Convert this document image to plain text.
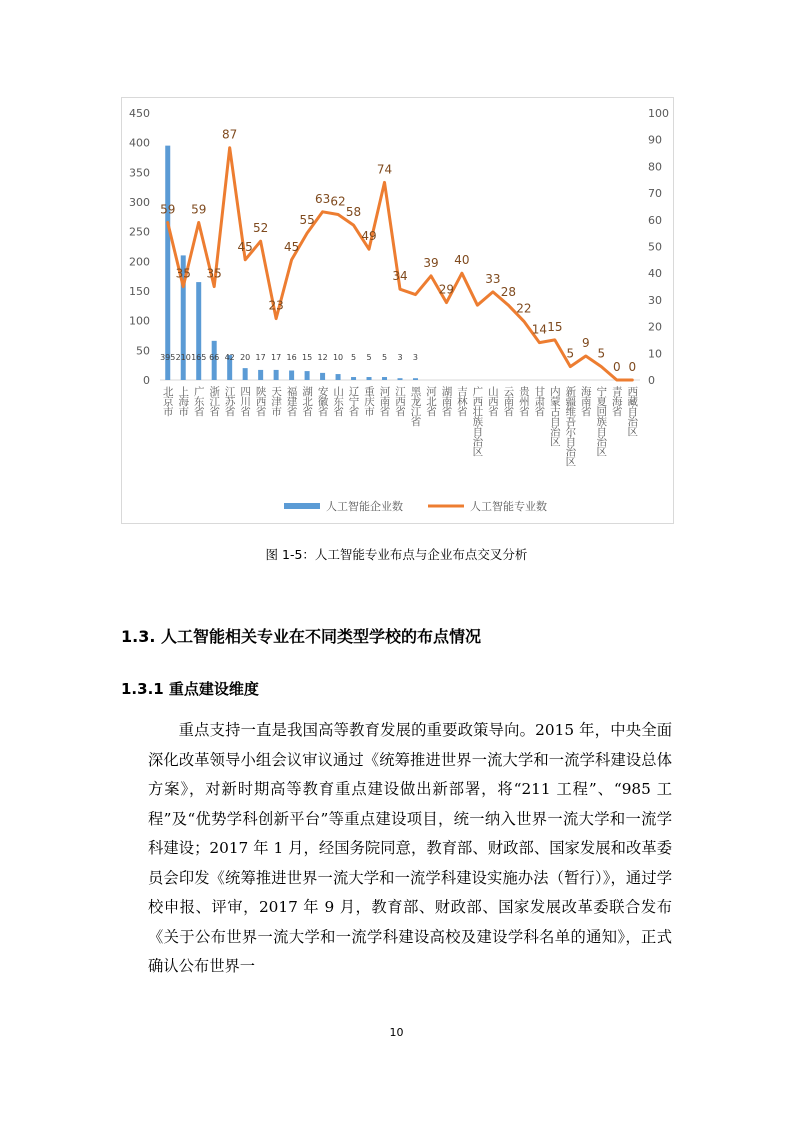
0
50
100
150
200
250
300
350
400
450
0
10
20
30
40
50
60
70
80
90
100
395 210 165 66 42 20 17 17 16 15 12 10 5 5 5 3 3
59
35
59
35
87
45
52
23
45
55
63 62
58
49
74
34
39
29
40
33
28
22
14 15
5
9
5
0 0
北京市 上海市 广东省 浙江省 江苏省 四川省 陕西省 天津市 福建省 湖北省 安徽省 山东省 辽宁省 重庆市 河南省 江西省 黑龙江省 河北省 湖南省 吉林省 广西壮族自治区 山西省 云南省 贵州省 甘肃省 内蒙古自治区 新疆维吾尔自治区 海南省 宁夏回族自治区 青海省 西藏自治区
人工智能企业数	人工智能专业数
图 1-5：人工智能专业布点与企业布点交叉分析
1.3. 人工智能相关专业在不同类型学校的布点情况
1.3.1 重点建设维度

重点支持一直是我国高等教育发展的重要政策导向。2015 年，中央全面深化改革领导小组会议审议通过《统筹推进世界一流大学和一流学科建设总体方案》，对新时期高等教育重点建设做出新部署，将“211 工程”、“985 工程”及“优势学科创新平台”等重点建设项目，统一纳入世界一流大学和一流学科建设；2017 年 1 月，经国务院同意，教育部、财政部、国家发展和改革委员会印发《统筹推进世界一流大学和一流学科建设实施办法（暂行）》，通过学校申报、评审，2017 年 9 月，教育部、财政部、国家发展改革委联合发布《关于公布世界一流大学和一流学科建设高校及建设学科名单的通知》，正式确认公布世界一

10
